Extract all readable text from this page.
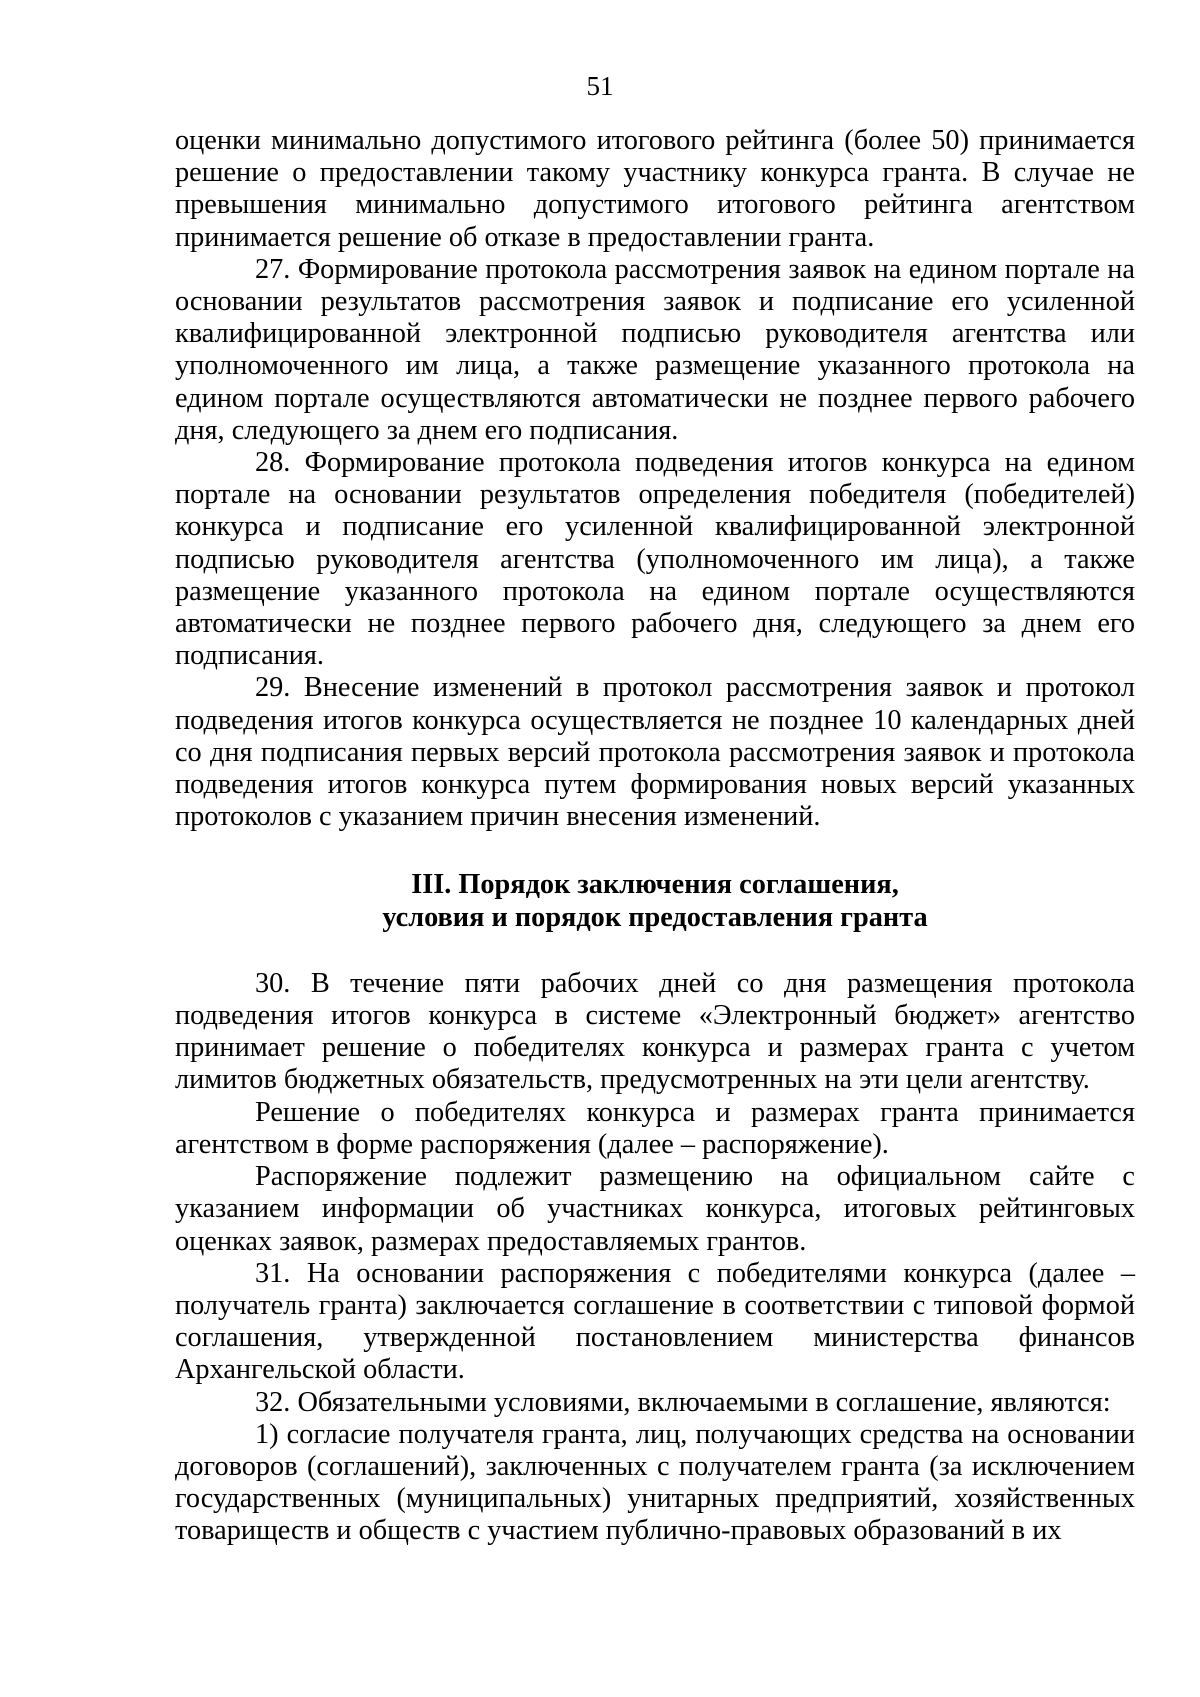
51

оценки минимально допустимого итогового рейтинга (более 50) принимается решение о предоставлении такому участнику конкурса гранта. В случае не превышения минимально допустимого итогового рейтинга агентством принимается решение об отказе в предоставлении гранта.

27. Формирование протокола рассмотрения заявок на едином портале на основании результатов рассмотрения заявок и подписание его усиленной квалифицированной электронной подписью руководителя агентства или уполномоченного им лица, а также размещение указанного протокола на едином портале осуществляются автоматически не позднее первого рабочего дня, следующего за днем его подписания.

28. Формирование протокола подведения итогов конкурса на едином портале на основании результатов определения победителя (победителей) конкурса и подписание его усиленной квалифицированной электронной подписью руководителя агентства (уполномоченного им лица), а также размещение указанного протокола на едином портале осуществляются автоматически не позднее первого рабочего дня, следующего за днем его подписания.

29. Внесение изменений в протокол рассмотрения заявок и протокол подведения итогов конкурса осуществляется не позднее 10 календарных дней со дня подписания первых версий протокола рассмотрения заявок и протокола подведения итогов конкурса путем формирования новых версий указанных протоколов с указанием причин внесения изменений.

III. Порядок заключения соглашения,
условия и порядок предоставления гранта

30. В течение пяти рабочих дней со дня размещения протокола подведения итогов конкурса в системе «Электронный бюджет» агентство принимает решение о победителях конкурса и размерах гранта с учетом лимитов бюджетных обязательств, предусмотренных на эти цели агентству.

Решение о победителях конкурса и размерах гранта принимается агентством в форме распоряжения (далее – распоряжение).

Распоряжение подлежит размещению на официальном сайте с указанием информации об участниках конкурса, итоговых рейтинговых оценках заявок, размерах предоставляемых грантов.

31. На основании распоряжения с победителями конкурса (далее – получатель гранта) заключается соглашение в соответствии с типовой формой соглашения, утвержденной постановлением министерства финансов Архангельской области.

32. Обязательными условиями, включаемыми в соглашение, являются:

1) согласие получателя гранта, лиц, получающих средства на основании договоров (соглашений), заключенных с получателем гранта (за исключением государственных (муниципальных) унитарных предприятий, хозяйственных товариществ и обществ с участием публично-правовых образований в их
